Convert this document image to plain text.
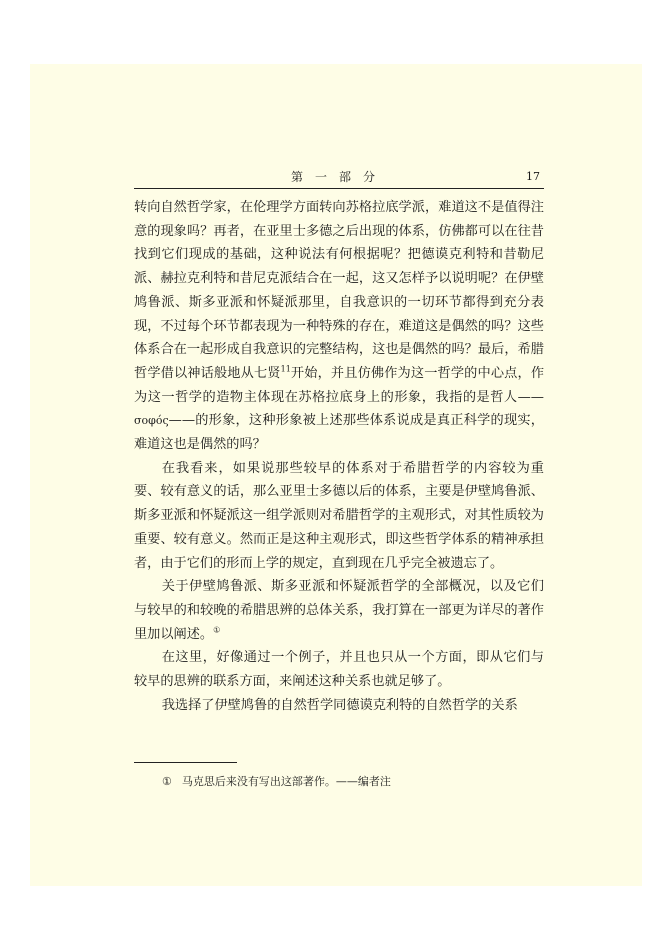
第一部分	17

转向自然哲学家，在伦理学方面转向苏格拉底学派，难道这不是值得注意的现象吗？再者，在亚里士多德之后出现的体系，仿佛都可以在往昔找到它们现成的基础，这种说法有何根据呢？把德谟克利特和昔勒尼派、赫拉克利特和昔尼克派结合在一起，这又怎样予以说明呢？在伊壁鸠鲁派、斯多亚派和怀疑派那里，自我意识的一切环节都得到充分表现，不过每个环节都表现为一种特殊的存在，难道这是偶然的吗？这些体系合在一起形成自我意识的完整结构，这也是偶然的吗？最后，希腊哲学借以神话般地从七贤$^{11}$开始，并且仿佛作为这一哲学的中心点，作为这一哲学的造物主体现在苏格拉底身上的形象，我指的是哲人——σοφός——的形象，这种形象被上述那些体系说成是真正科学的现实，难道这也是偶然的吗？

在我看来，如果说那些较早的体系对于希腊哲学的内容较为重要、较有意义的话，那么亚里士多德以后的体系，主要是伊壁鸠鲁派、斯多亚派和怀疑派这一组学派则对希腊哲学的主观形式，对其性质较为重要、较有意义。然而正是这种主观形式，即这些哲学体系的精神承担者，由于它们的形而上学的规定，直到现在几乎完全被遗忘了。

关于伊壁鸠鲁派、斯多亚派和怀疑派哲学的全部概况，以及它们与较早的和较晚的希腊思辨的总体关系，我打算在一部更为详尽的著作里加以阐述。①

在这里，好像通过一个例子，并且也只从一个方面，即从它们与较早的思辨的联系方面，来阐述这种关系也就足够了。

我选择了伊壁鸠鲁的自然哲学同德谟克利特的自然哲学的关系

① 马克思后来没有写出这部著作。——编者注
